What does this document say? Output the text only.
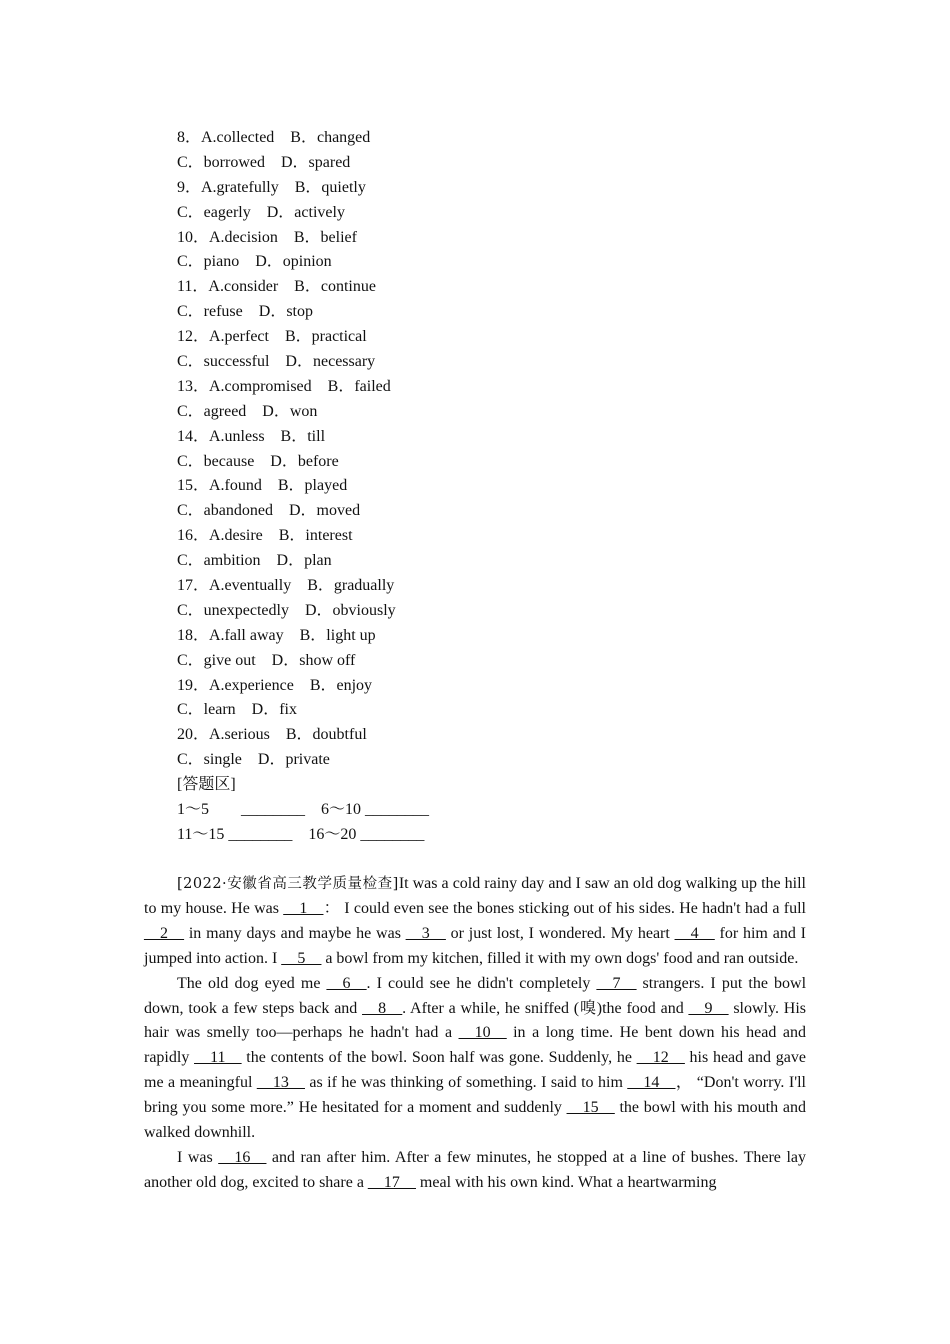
8．A.collected　B．changed
C．borrowed　D．spared
9．A.gratefully　B．quietly
C．eagerly　D．actively
10．A.decision　B．belief
C．piano　D．opinion
11．A.consider　B．continue
C．refuse　D．stop
12．A.perfect　B．practical
C．successful　D．necessary
13．A.compromised　B．failed
C．agreed　D．won
14．A.unless　B．till
C．because　D．before
15．A.found　B．played
C．abandoned　D．moved
16．A.desire　B．interest
C．ambition　D．plan
17．A.eventually　B．gradually
C．unexpectedly　D．obviously
18．A.fall away　B．light up
C．give out　D．show off
19．A.experience　B．enjoy
C．learn　D．fix
20．A.serious　B．doubtful
C．single　D．private
[答题区]
1～5　　________　6～10 ________
11～15 ________　16～20 ________

[2022·安徽省高三教学质量检查]It was a cold rainy day and I saw an old dog walking up the hill to my house. He was __1__： I could even see the bones sticking out of his sides. He hadn't had a full __2__ in many days and maybe he was __3__ or just lost, I wondered. My heart __4__ for him and I jumped into action. I __5__ a bowl from my kitchen, filled it with my own dogs' food and ran outside.

The old dog eyed me __6__. I could see he didn't completely __7__ strangers. I put the bowl down, took a few steps back and __8__. After a while, he sniffed (嗅)the food and __9__ slowly. His hair was smelly too—perhaps he hadn't had a __10__ in a long time. He bent down his head and rapidly __11__ the contents of the bowl. Soon half was gone. Suddenly, he __12__ his head and gave me a meaningful __13__ as if he was thinking of something. I said to him __14__， “Don't worry. I'll bring you some more.” He hesitated for a moment and suddenly __15__ the bowl with his mouth and walked downhill.

I was __16__ and ran after him. After a few minutes, he stopped at a line of bushes. There lay another old dog, excited to share a __17__ meal with his own kind. What a heartwarming
